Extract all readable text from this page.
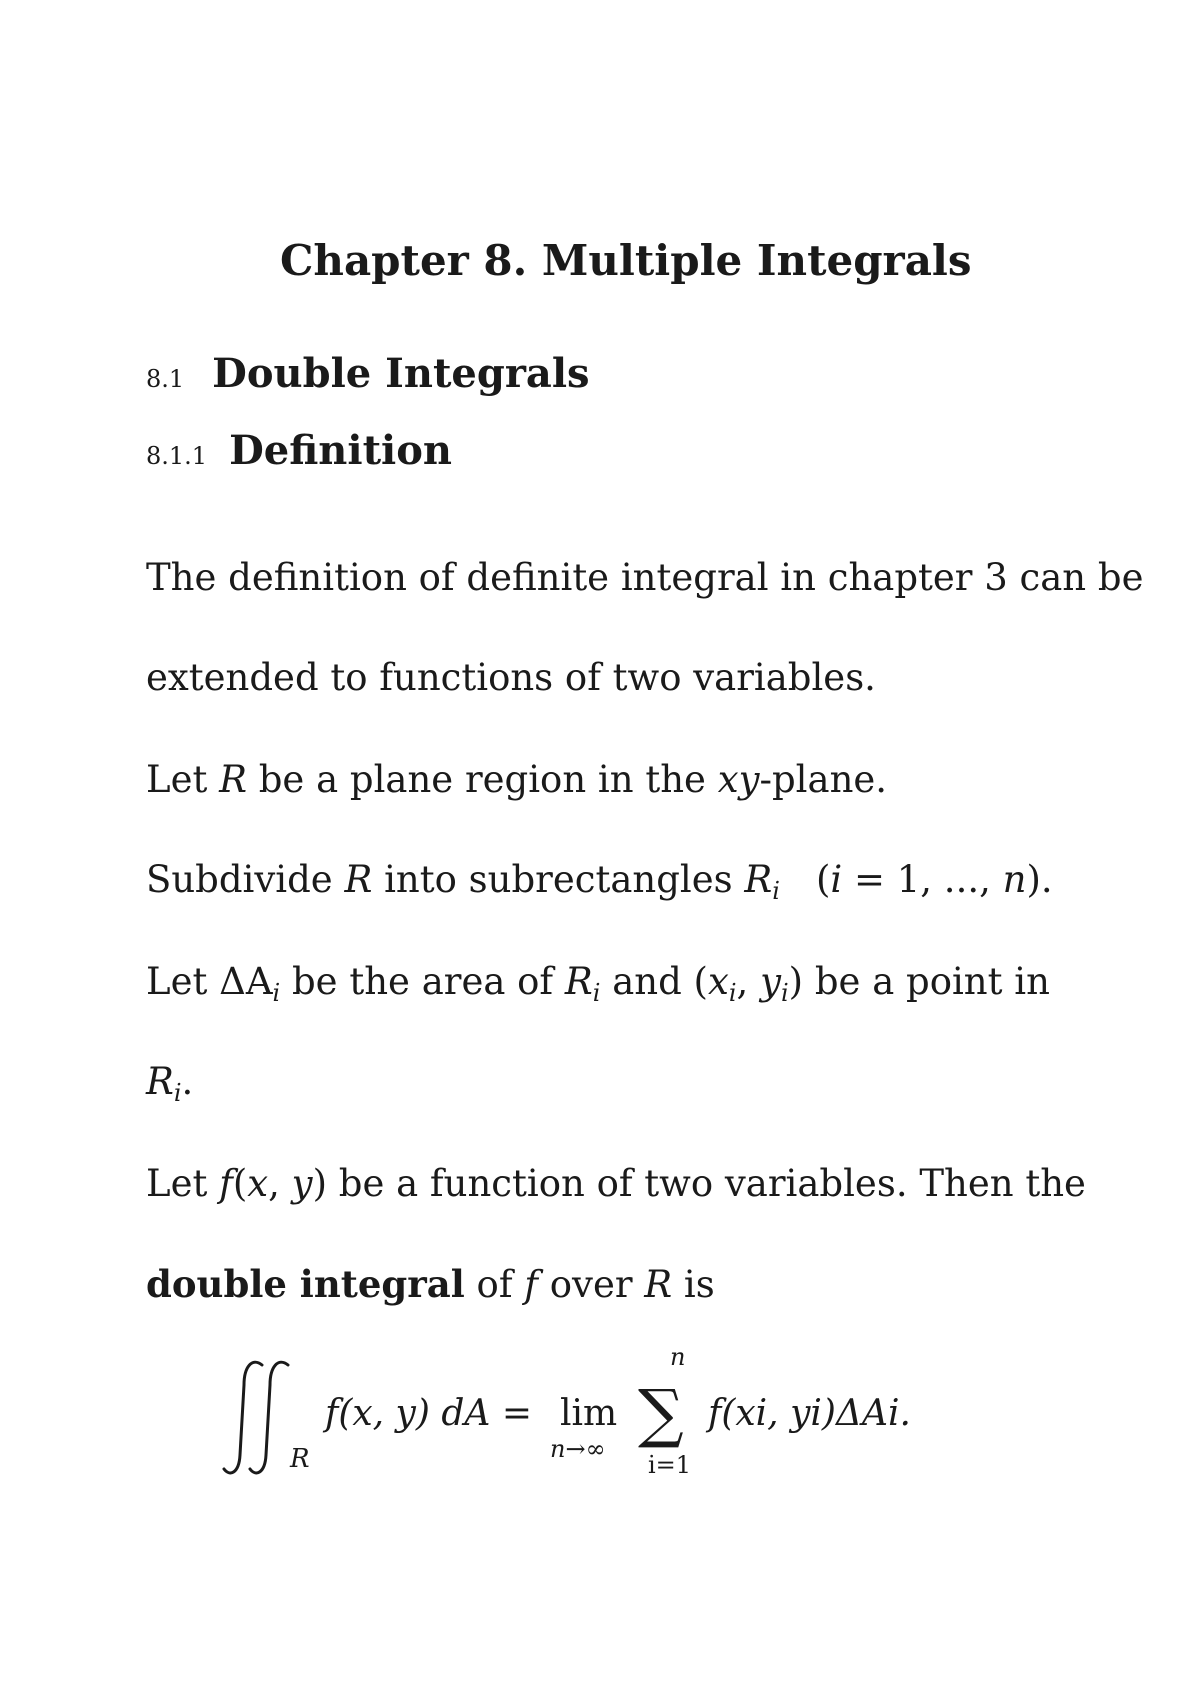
Chapter 8. Multiple Integrals
8.1 Double Integrals
8.1.1 Definition
The definition of definite integral in chapter 3 can be
extended to functions of two variables.
Let R be a plane region in the xy-plane.
Subdivide R into subrectangles $R_i$ (i = 1, ..., n).
Let $\Delta A_i$ be the area of $R_i$ and ($x_i$, $y_i$) be a point in
$R_i$.
Let f(x, y) be a function of two variables. Then the
double integral of f over R is
R
f(x, y) dA = lim
n→∞
n
∑
i=1
f(xi, yi)ΔAi.
